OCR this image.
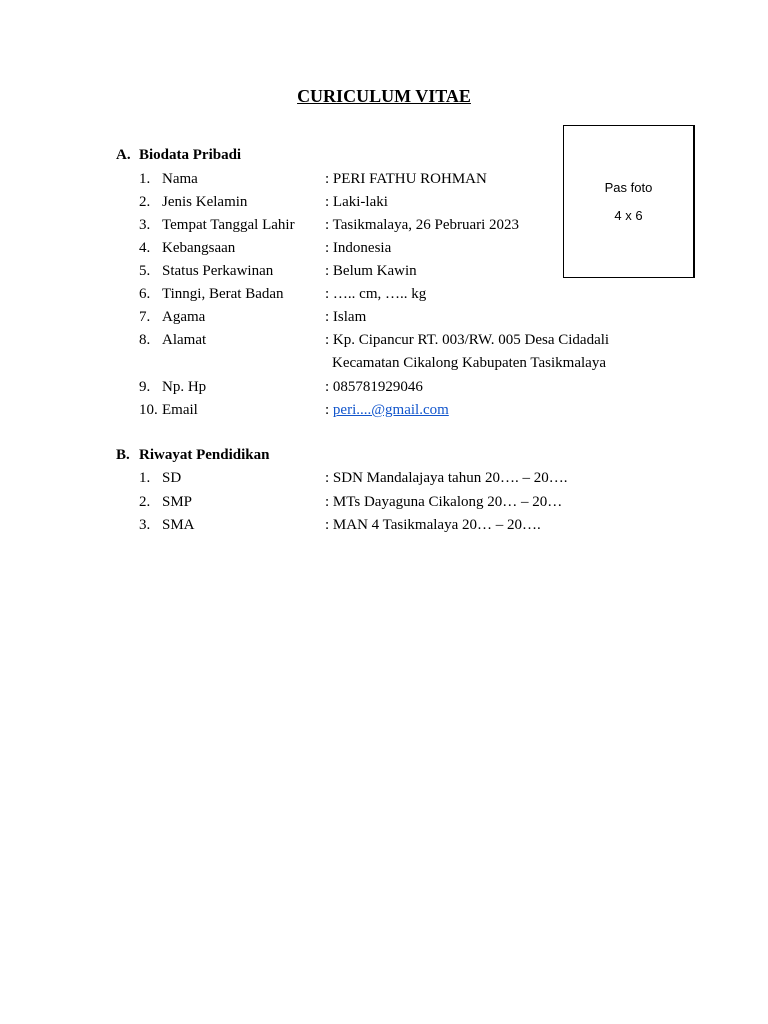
CURICULUM VITAE
Pas foto
4 x 6
A. Biodata Pribadi
1. Nama	: PERI FATHU ROHMAN
2. Jenis Kelamin	: Laki-laki
3. Tempat Tanggal Lahir : Tasikmalaya, 26 Pebruari 2023
4. Kebangsaan	: Indonesia
5. Status Perkawinan	: Belum Kawin
6. Tinngi, Berat Badan	: ….. cm, ….. kg
7. Agama	: Islam
8. Alamat	: Kp. Cipancur RT. 003/RW. 005 Desa Cidadali
Kecamatan Cikalong Kabupaten Tasikmalaya
9. Np. Hp	: 085781929046
10. Email	: peri....@gmail.com
B. Riwayat Pendidikan
1. SD	: SDN Mandalajaya tahun 20…. – 20….
2. SMP	: MTs Dayaguna Cikalong 20… – 20…
3. SMA	: MAN 4 Tasikmalaya 20… – 20….
